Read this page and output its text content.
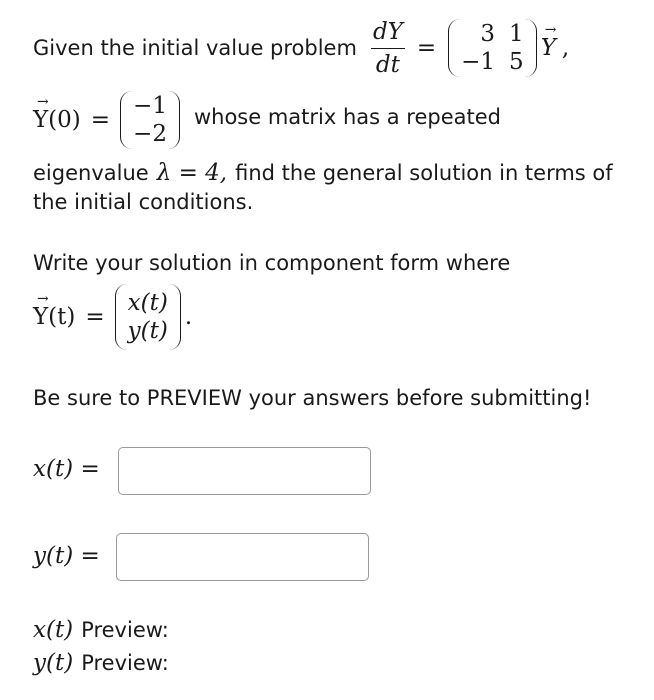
Given the initial value problem $\frac{dY}{dt}$ =
3 1
−1 5
→ Y ,
→ Y(0) =
−1
−2
whose matrix has a repeated
eigenvalue λ = 4, find the general solution in terms of
the initial conditions.
Write your solution in component form where
→ Y(t) =
x(t)
y(t)
.
Be sure to PREVIEW your answers before submitting!
x(t) =
y(t) =
x(t) Preview:
y(t) Preview:
